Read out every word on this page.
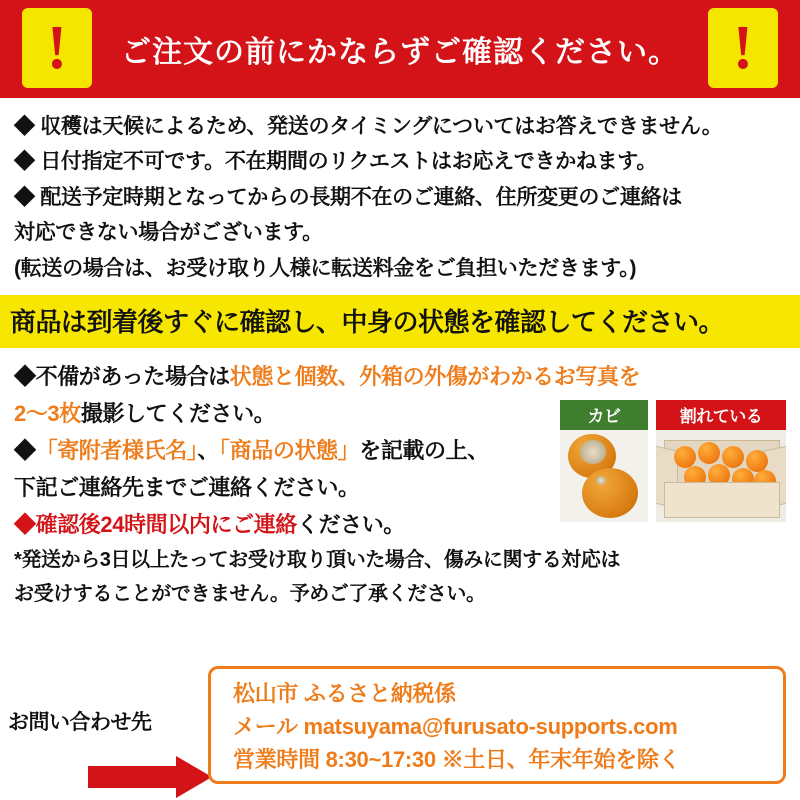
!	ご注文の前にかならずご確認ください。 !

◆ 収穫は天候によるため、発送のタイミングについてはお答えできません。

◆ 日付指定不可です。不在期間のリクエストはお応えできかねます。

◆ 配送予定時期となってからの長期不在のご連絡、住所変更のご連絡は

対応できない場合がございます。

(転送の場合は、お受け取り人様に転送料金をご負担いただきます。)

商品は到着後すぐに確認し、中身の状態を確認してください。

◆不備があった場合は状態と個数、外箱の外傷がわかるお写真を

2〜3枚撮影してください。

◆「寄附者様氏名」、「商品の状態」を記載の上、

下記ご連絡先までご連絡ください。

◆確認後24時間以内にご連絡ください。

*発送から3日以上たってお受け取り頂いた場合、傷みに関する対応は

お受けすることができません。予めご了承ください。

カビ	割れている
お問い合わせ先
松山市 ふるさと納税係
メール matsuyama@furusato-supports.com
営業時間 8:30~17:30 ※土日、年末年始を除く
